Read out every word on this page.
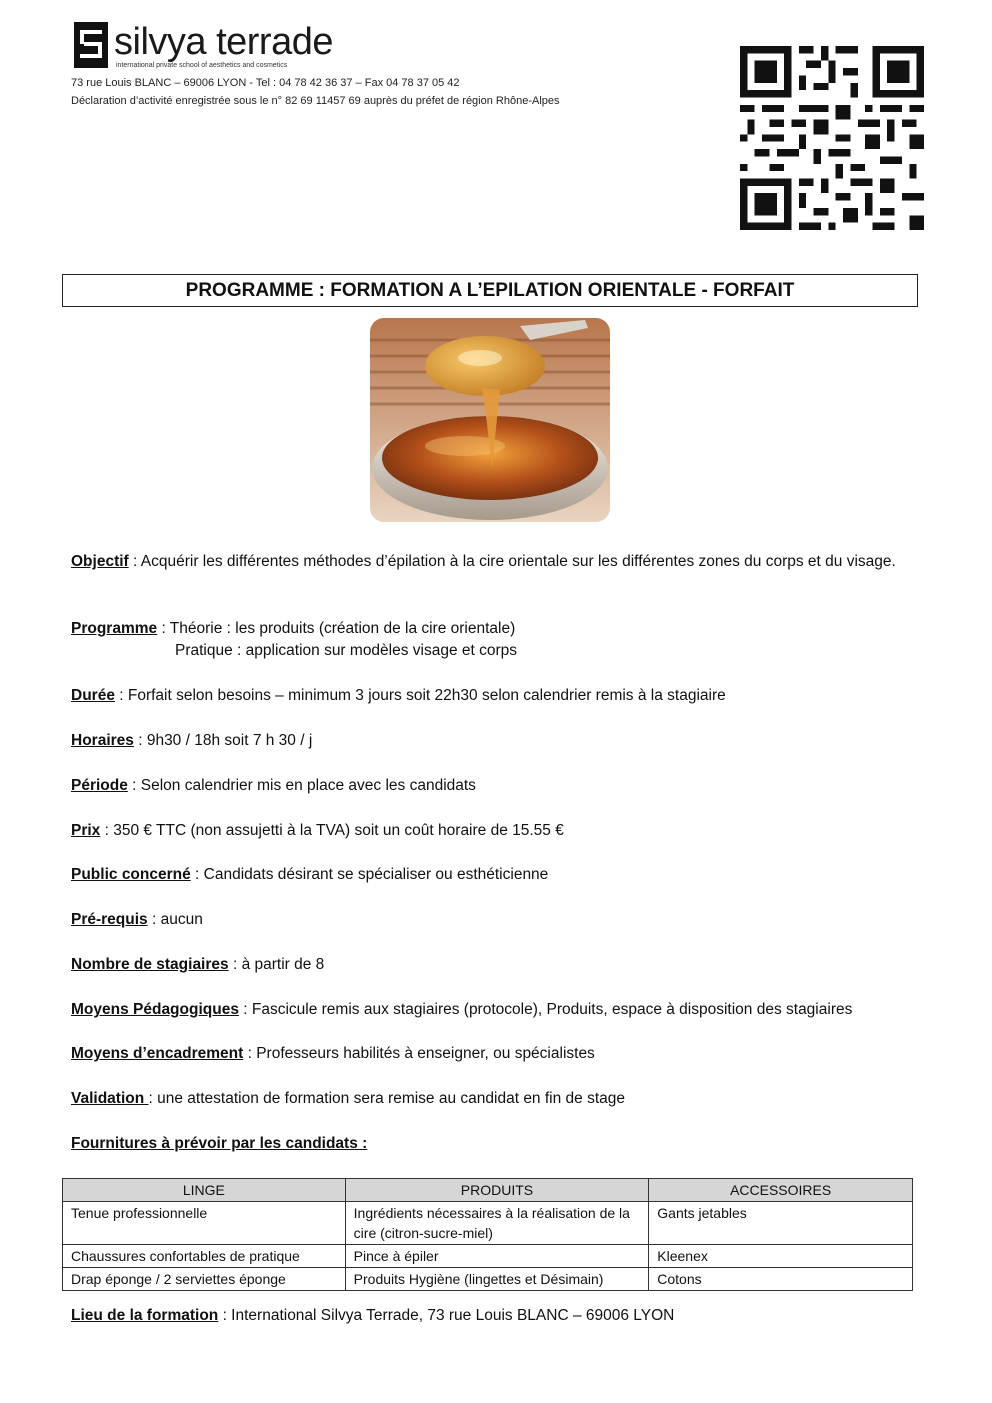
silvya terrade
international private school of aesthetics and cosmetics
73 rue Louis BLANC – 69006 LYON - Tel : 04 78 42 36 37 – Fax 04 78 37 05 42
Déclaration d’activité enregistrée sous le n° 82 69 11457 69 auprès du préfet de région Rhône-Alpes
PROGRAMME : FORMATION A L’EPILATION ORIENTALE - FORFAIT
Objectif : Acquérir les différentes méthodes d’épilation à la cire orientale sur les différentes zones du corps et du visage.
Programme : Théorie : les produits (création de la cire orientale)
Pratique : application sur modèles visage et corps
Durée : Forfait selon besoins – minimum 3 jours soit 22h30 selon calendrier remis à la stagiaire
Horaires : 9h30 / 18h soit 7 h 30 / j
Période : Selon calendrier mis en place avec les candidats
Prix : 350 € TTC (non assujetti à la TVA) soit un coût horaire de 15.55 €
Public concerné : Candidats désirant se spécialiser ou esthéticienne
Pré-requis : aucun
Nombre de stagiaires : à partir de 8
Moyens Pédagogiques : Fascicule remis aux stagiaires (protocole), Produits, espace à disposition des stagiaires
Moyens d’encadrement : Professeurs habilités à enseigner, ou spécialistes
Validation : une attestation de formation sera remise au candidat en fin de stage
Fournitures à prévoir par les candidats :
LINGE	PRODUITS	ACCESSOIRES
Tenue professionnelle	Ingrédients nécessaires à la réalisation de la cire (citron-sucre-miel)	Gants jetables
Chaussures confortables de pratique	Pince à épiler	Kleenex
Drap éponge / 2 serviettes éponge	Produits Hygiène (lingettes et Désimain)	Cotons
Lieu de la formation : International Silvya Terrade, 73 rue Louis BLANC – 69006 LYON
